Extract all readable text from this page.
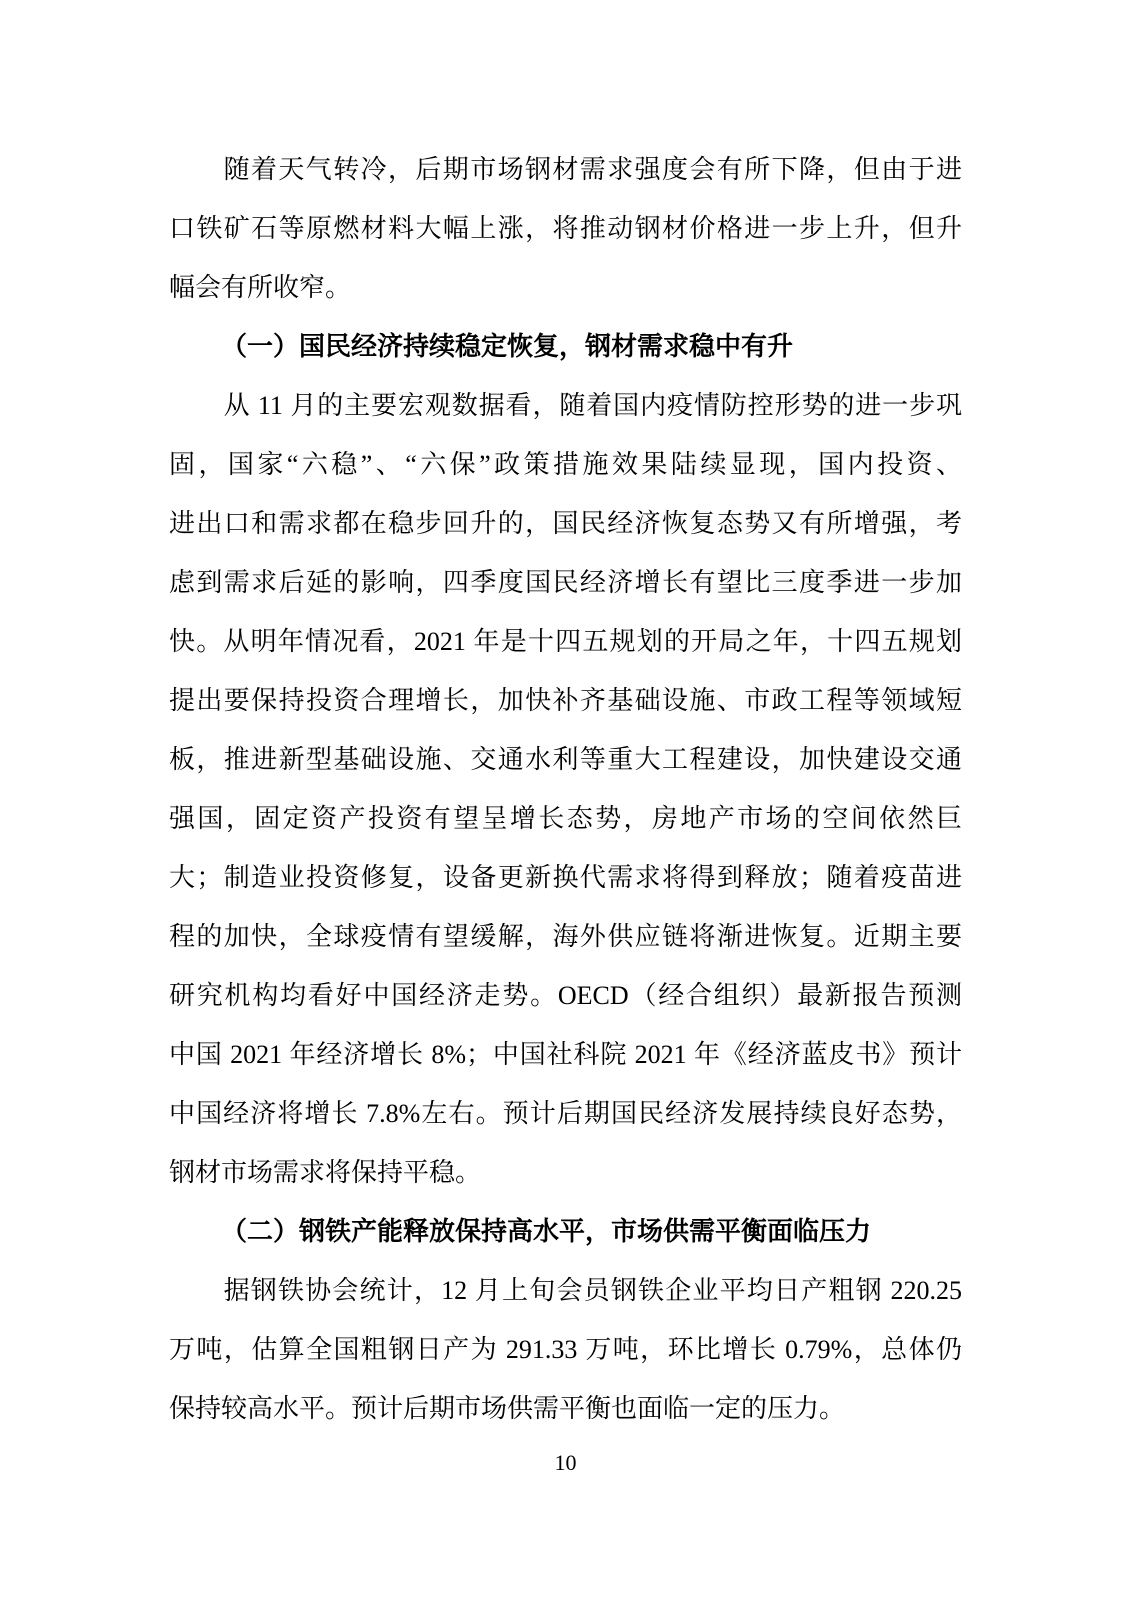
随着天气转冷，后期市场钢材需求强度会有所下降，但由于进
口铁矿石等原燃材料大幅上涨，将推动钢材价格进一步上升，但升
幅会有所收窄。
（一）国民经济持续稳定恢复，钢材需求稳中有升
从 11 月的主要宏观数据看，随着国内疫情防控形势的进一步巩
固，国家“六稳”、“六保”政策措施效果陆续显现，国内投资、
进出口和需求都在稳步回升的，国民经济恢复态势又有所增强，考
虑到需求后延的影响，四季度国民经济增长有望比三度季进一步加
快。从明年情况看，2021 年是十四五规划的开局之年，十四五规划
提出要保持投资合理增长，加快补齐基础设施、市政工程等领域短
板，推进新型基础设施、交通水利等重大工程建设，加快建设交通
强国，固定资产投资有望呈增长态势，房地产市场的空间依然巨
大；制造业投资修复，设备更新换代需求将得到释放；随着疫苗进
程的加快，全球疫情有望缓解，海外供应链将渐进恢复。近期主要
研究机构均看好中国经济走势。OECD（经合组织）最新报告预测
中国 2021 年经济增长 8%；中国社科院 2021 年《经济蓝皮书》预计
中国经济将增长 7.8%左右。预计后期国民经济发展持续良好态势，
钢材市场需求将保持平稳。
（二）钢铁产能释放保持高水平，市场供需平衡面临压力
据钢铁协会统计，12 月上旬会员钢铁企业平均日产粗钢 220.25
万吨，估算全国粗钢日产为 291.33 万吨，环比增长 0.79%，总体仍
保持较高水平。预计后期市场供需平衡也面临一定的压力。
10
